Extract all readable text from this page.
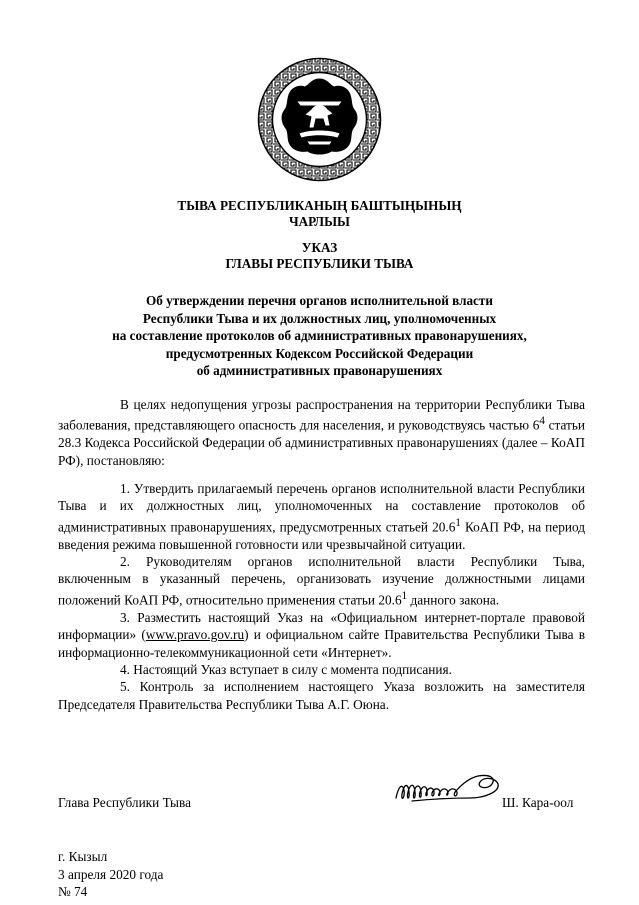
ТЫВА РЕСПУБЛИКАНЫҢ БАШТЫҢЫНЫҢ
ЧАРЛЫЫ
УКАЗ
ГЛАВЫ РЕСПУБЛИКИ ТЫВА
Об утверждении перечня органов исполнительной власти
Республики Тыва и их должностных лиц, уполномоченных
на составление протоколов об административных правонарушениях,
предусмотренных Кодексом Российской Федерации
об административных правонарушениях

В целях недопущения угрозы распространения на территории Республики Тыва заболевания, представляющего опасность для населения, и руководствуясь частью $6^4$ статьи 28.3 Кодекса Российской Федерации об административных правонарушениях (далее – КоАП РФ), постановляю:

1. Утвердить прилагаемый перечень органов исполнительной власти Республики Тыва и их должностных лиц, уполномоченных на составление протоколов об административных правонарушениях, предусмотренных статьей 20.6$^1$ КоАП РФ, на период введения режима повышенной готовности или чрезвычайной ситуации.

2. Руководителям органов исполнительной власти Республики Тыва, включенным в указанный перечень, организовать изучение должностными лицами положений КоАП РФ, относительно применения статьи 20.6$^1$ данного закона.

3. Разместить настоящий Указ на «Официальном интернет-портале правовой информации» (www.pravo.gov.ru) и официальном сайте Правительства Республики Тыва в информационно-телекоммуникационной сети «Интернет».

4. Настоящий Указ вступает в силу с момента подписания.

5. Контроль за исполнением настоящего Указа возложить на заместителя Председателя Правительства Республики Тыва А.Г. Оюна.

Глава Республики Тыва	Ш. Кара-оол
г. Кызыл
3 апреля 2020 года
№ 74
